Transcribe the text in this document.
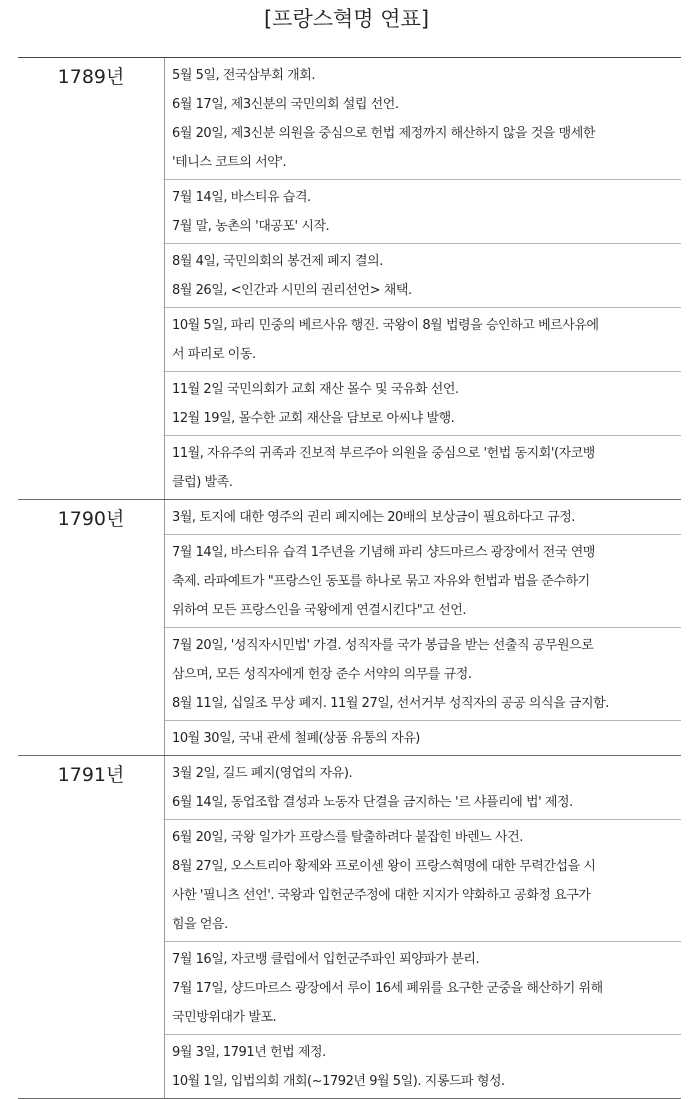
[프랑스혁명 연표]
1789년	5월 5일, 전국삼부회 개회.
6월 17일, 제3신분의 국민의회 설립 선언.
6월 20일, 제3신분 의원을 중심으로 헌법 제정까지 해산하지 않을 것을 맹세한
'테니스 코트의 서약'.
7월 14일, 바스티유 습격.
7월 말, 농촌의 '대공포' 시작.
8월 4일, 국민의회의 봉건제 폐지 결의.
8월 26일, <인간과 시민의 권리선언> 채택.
10월 5일, 파리 민중의 베르사유 행진. 국왕이 8월 법령을 승인하고 베르사유에
서 파리로 이동.
11월 2일 국민의회가 교회 재산 몰수 및 국유화 선언.
12월 19일, 몰수한 교회 재산을 담보로 아씨냐 발행.
11월, 자유주의 귀족과 진보적 부르주아 의원을 중심으로 '헌법 동지회'(자코뱅
클럽) 발족.
1790년	3월, 토지에 대한 영주의 권리 폐지에는 20배의 보상금이 필요하다고 규정.
7월 14일, 바스티유 습격 1주년을 기념해 파리 샹드마르스 광장에서 전국 연맹
축제. 라파예트가 "프랑스인 동포를 하나로 묶고 자유와 헌법과 법을 준수하기
위하여 모든 프랑스인을 국왕에게 연결시킨다"고 선언.
7월 20일, '성직자시민법' 가결. 성직자를 국가 봉급을 받는 선출직 공무원으로
삼으며, 모든 성직자에게 헌장 준수 서약의 의무를 규정.
8월 11일, 십일조 무상 폐지. 11월 27일, 선서거부 성직자의 공공 의식을 금지함.
10월 30일, 국내 관세 철폐(상품 유통의 자유)
1791년	3월 2일, 길드 폐지(영업의 자유).
6월 14일, 동업조합 결성과 노동자 단결을 금지하는 '르 샤플리에 법' 제정.
6월 20일, 국왕 일가가 프랑스를 탈출하려다 붙잡힌 바렌느 사건.
8월 27일, 오스트리아 황제와 프로이센 왕이 프랑스혁명에 대한 무력간섭을 시
사한 '필니츠 선언'. 국왕과 입헌군주정에 대한 지지가 약화하고 공화정 요구가
힘을 얻음.
7월 16일, 자코뱅 클럽에서 입헌군주파인 푀양파가 분리.
7월 17일, 샹드마르스 광장에서 루이 16세 폐위를 요구한 군중을 해산하기 위해
국민방위대가 발포.
9월 3일, 1791년 헌법 제정.
10월 1일, 입법의회 개회(~1792년 9월 5일). 지롱드파 형성.
